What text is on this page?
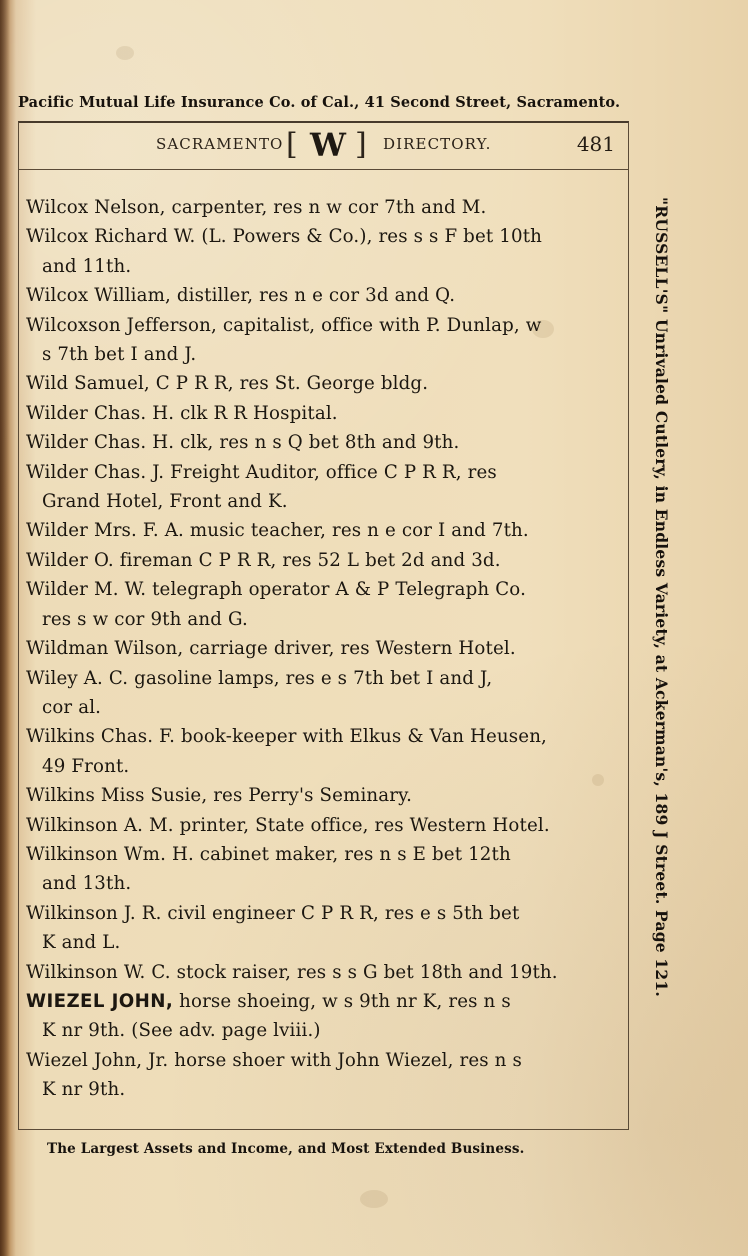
Pacific Mutual Life Insurance Co. of Cal., 41 Second Street, Sacramento.
SACRAMENTO [ W ] DIRECTORY.	481
Wilcox Nelson, carpenter, res n w cor 7th and M.
Wilcox Richard W. (L. Powers & Co.), res s s F bet 10th
and 11th.
Wilcox William, distiller, res n e cor 3d and Q.
Wilcoxson Jefferson, capitalist, office with P. Dunlap, w
s 7th bet I and J.
Wild Samuel, C P R R, res St. George bldg.
Wilder Chas. H. clk R R Hospital.
Wilder Chas. H. clk, res n s Q bet 8th and 9th.
Wilder Chas. J. Freight Auditor, office C P R R, res
Grand Hotel, Front and K.
Wilder Mrs. F. A. music teacher, res n e cor I and 7th.
Wilder O. fireman C P R R, res 52 L bet 2d and 3d.
Wilder M. W. telegraph operator A & P Telegraph Co.
res s w cor 9th and G.
Wildman Wilson, carriage driver, res Western Hotel.
Wiley A. C. gasoline lamps, res e s 7th bet I and J,
cor al.
Wilkins Chas. F. book-keeper with Elkus & Van Heusen,
49 Front.
Wilkins Miss Susie, res Perry's Seminary.
Wilkinson A. M. printer, State office, res Western Hotel.
Wilkinson Wm. H. cabinet maker, res n s E bet 12th
and 13th.
Wilkinson J. R. civil engineer C P R R, res e s 5th bet
K and L.
Wilkinson W. C. stock raiser, res s s G bet 18th and 19th.
WIEZEL JOHN, horse shoeing, w s 9th nr K, res n s
K nr 9th. (See adv. page lviii.)
Wiezel John, Jr. horse shoer with John Wiezel, res n s
K nr 9th.
"RUSSELL'S" Unrivaled Cutlery, in Endless Variety, at Ackerman's, 189 J Street. Page 121.
The Largest Assets and Income, and Most Extended Business.
